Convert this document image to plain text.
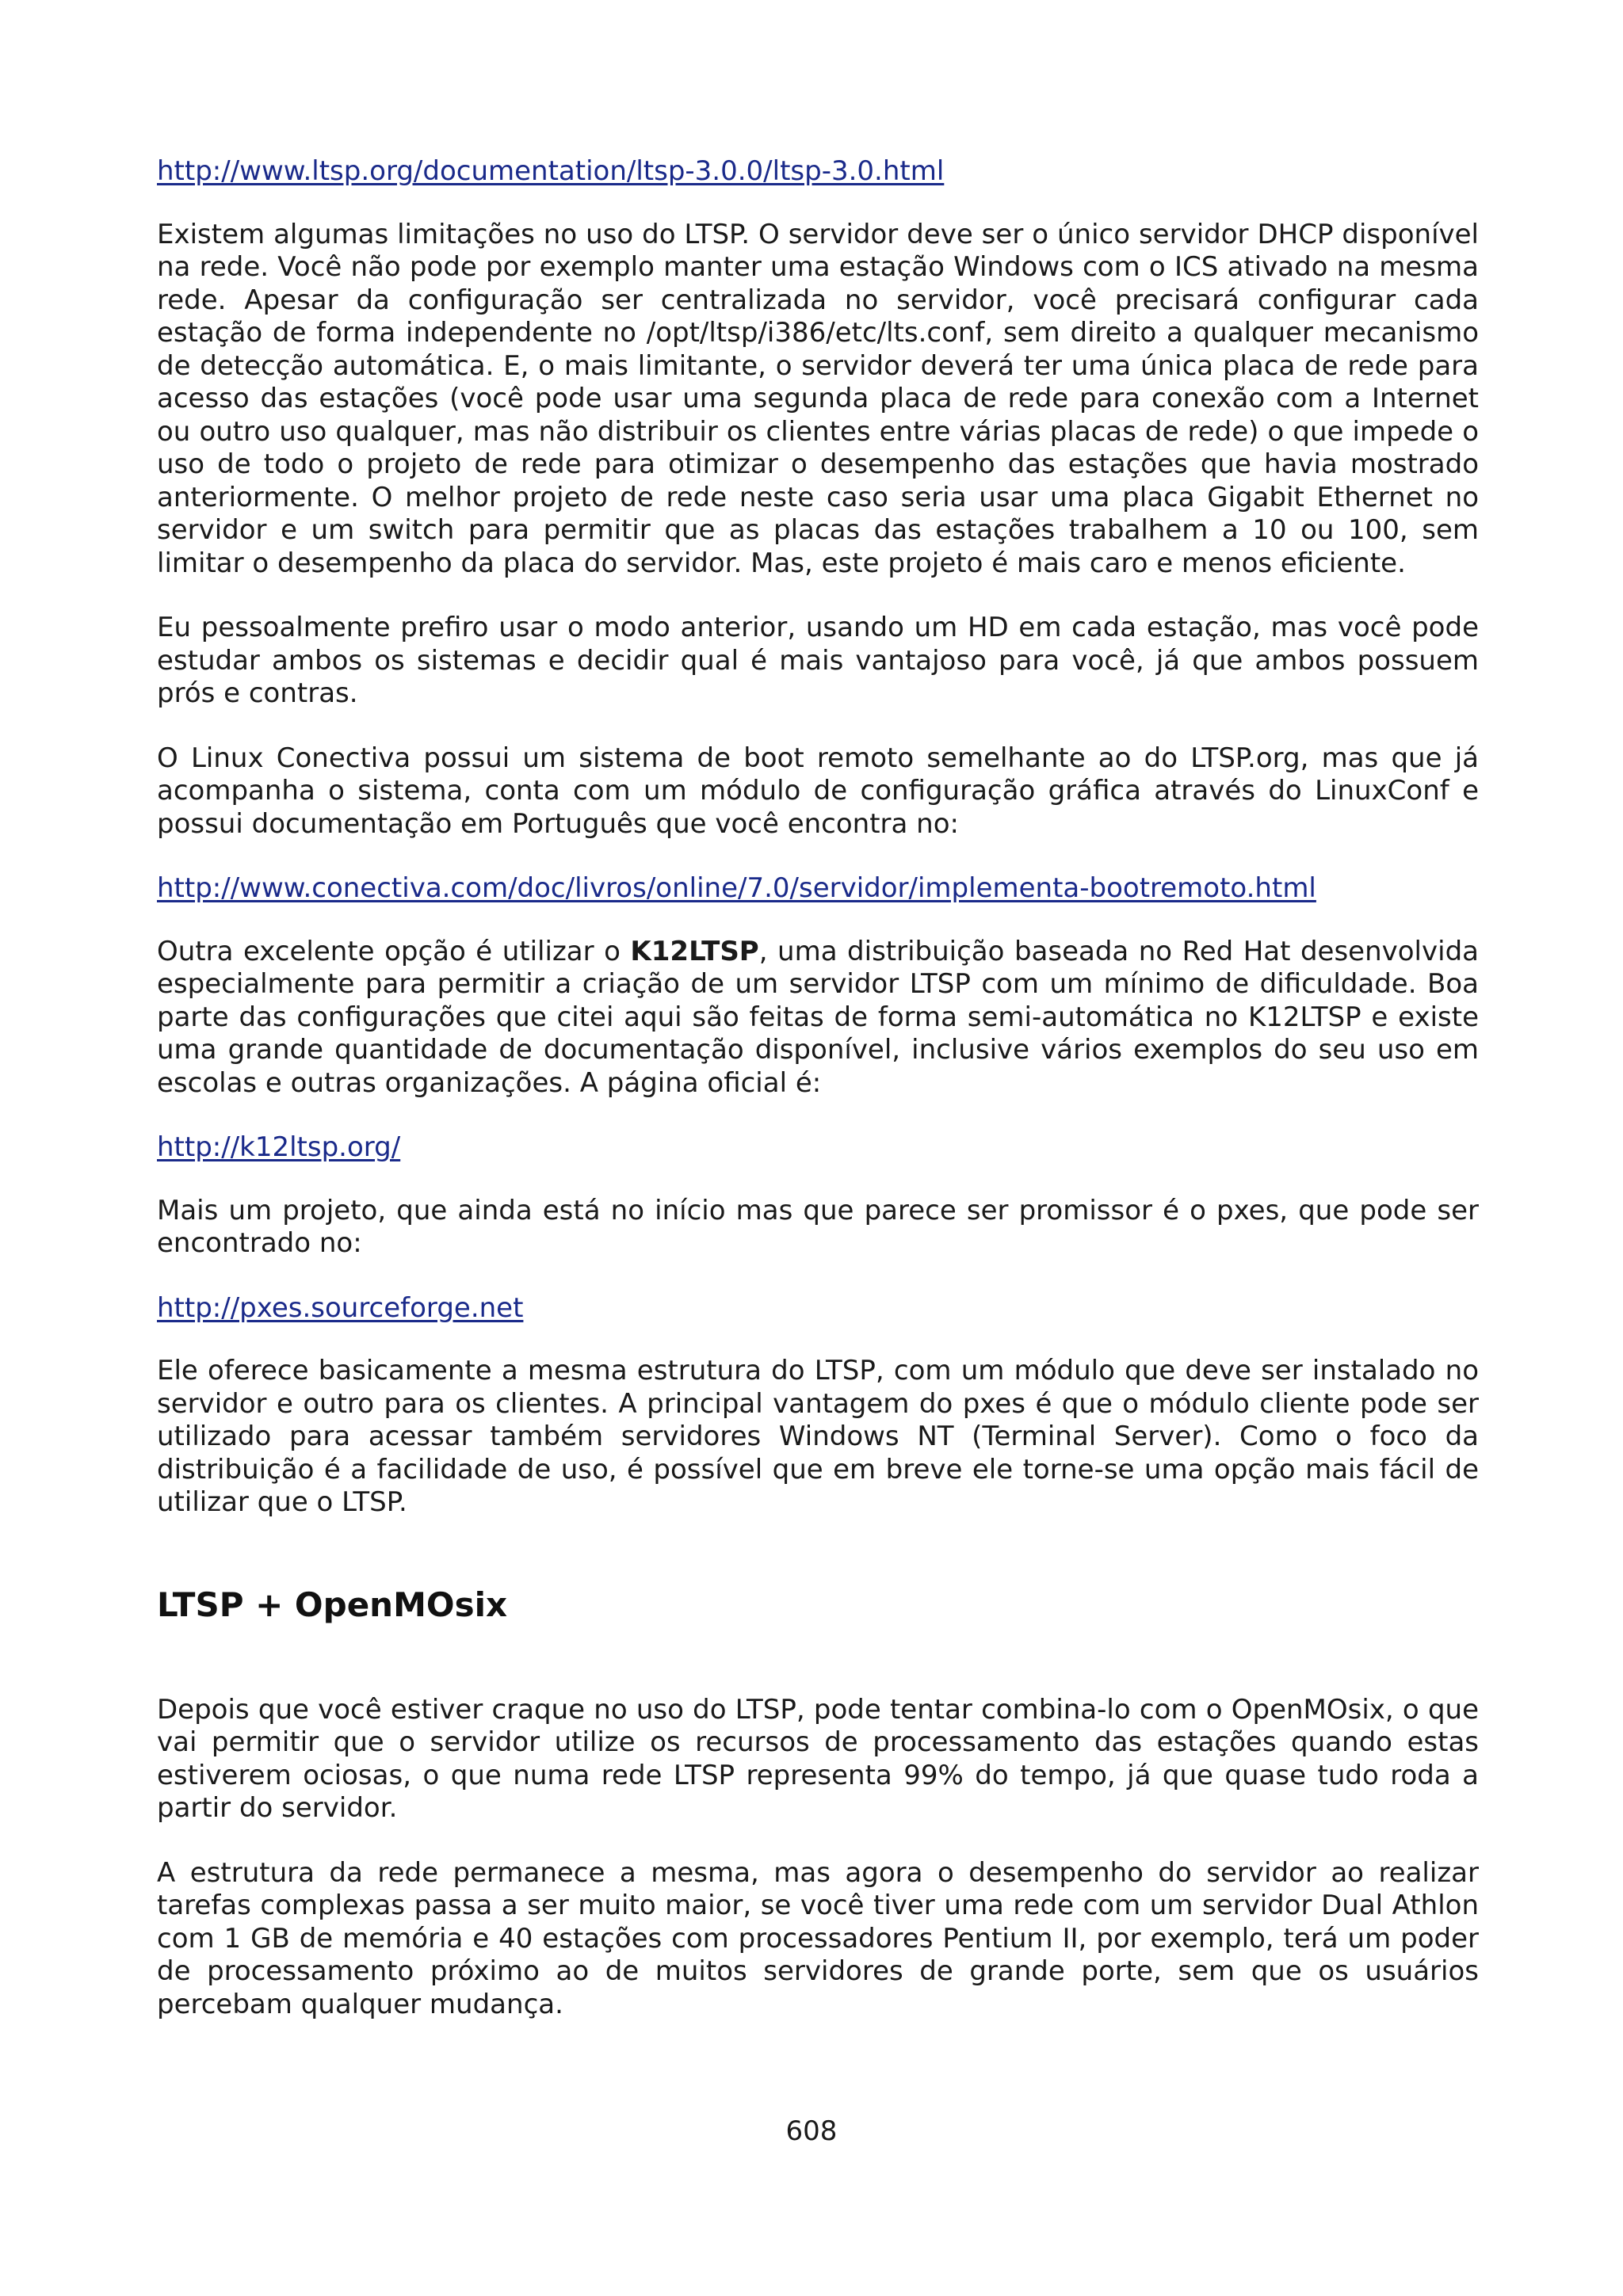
http://www.ltsp.org/documentation/ltsp-3.0.0/ltsp-3.0.html

Existem algumas limitações no uso do LTSP. O servidor deve ser o único servidor DHCP disponível na rede. Você não pode por exemplo manter uma estação Windows com o ICS ativado na mesma rede. Apesar da configuração ser centralizada no servidor, você precisará configurar cada estação de forma independente no /opt/ltsp/i386/etc/lts.conf, sem direito a qualquer mecanismo de detecção automática. E, o mais limitante, o servidor deverá ter uma única placa de rede para acesso das estações (você pode usar uma segunda placa de rede para conexão com a Internet ou outro uso qualquer, mas não distribuir os clientes entre várias placas de rede) o que impede o uso de todo o projeto de rede para otimizar o desempenho das estações que havia mostrado anteriormente. O melhor projeto de rede neste caso seria usar uma placa Gigabit Ethernet no servidor e um switch para permitir que as placas das estações trabalhem a 10 ou 100, sem limitar o desempenho da placa do servidor. Mas, este projeto é mais caro e menos eficiente.

Eu pessoalmente prefiro usar o modo anterior, usando um HD em cada estação, mas você pode estudar ambos os sistemas e decidir qual é mais vantajoso para você, já que ambos possuem prós e contras.

O Linux Conectiva possui um sistema de boot remoto semelhante ao do LTSP.org, mas que já acompanha o sistema, conta com um módulo de configuração gráfica através do LinuxConf e possui documentação em Português que você encontra no:

http://www.conectiva.com/doc/livros/online/7.0/servidor/implementa-bootremoto.html

Outra excelente opção é utilizar o K12LTSP, uma distribuição baseada no Red Hat desenvolvida especialmente para permitir a criação de um servidor LTSP com um mínimo de dificuldade. Boa parte das configurações que citei aqui são feitas de forma semi-automática no K12LTSP e existe uma grande quantidade de documentação disponível, inclusive vários exemplos do seu uso em escolas e outras organizações. A página oficial é:

http://k12ltsp.org/

Mais um projeto, que ainda está no início mas que parece ser promissor é o pxes, que pode ser encontrado no:

http://pxes.sourceforge.net

Ele oferece basicamente a mesma estrutura do LTSP, com um módulo que deve ser instalado no servidor e outro para os clientes. A principal vantagem do pxes é que o módulo cliente pode ser utilizado para acessar também servidores Windows NT (Terminal Server). Como o foco da distribuição é a facilidade de uso, é possível que em breve ele torne-se uma opção mais fácil de utilizar que o LTSP.

LTSP + OpenMOsix

Depois que você estiver craque no uso do LTSP, pode tentar combina-lo com o OpenMOsix, o que vai permitir que o servidor utilize os recursos de processamento das estações quando estas estiverem ociosas, o que numa rede LTSP representa 99% do tempo, já que quase tudo roda a partir do servidor.

A estrutura da rede permanece a mesma, mas agora o desempenho do servidor ao realizar tarefas complexas passa a ser muito maior, se você tiver uma rede com um servidor Dual Athlon com 1 GB de memória e 40 estações com processadores Pentium II, por exemplo, terá um poder de processamento próximo ao de muitos servidores de grande porte, sem que os usuários percebam qualquer mudança.

608
